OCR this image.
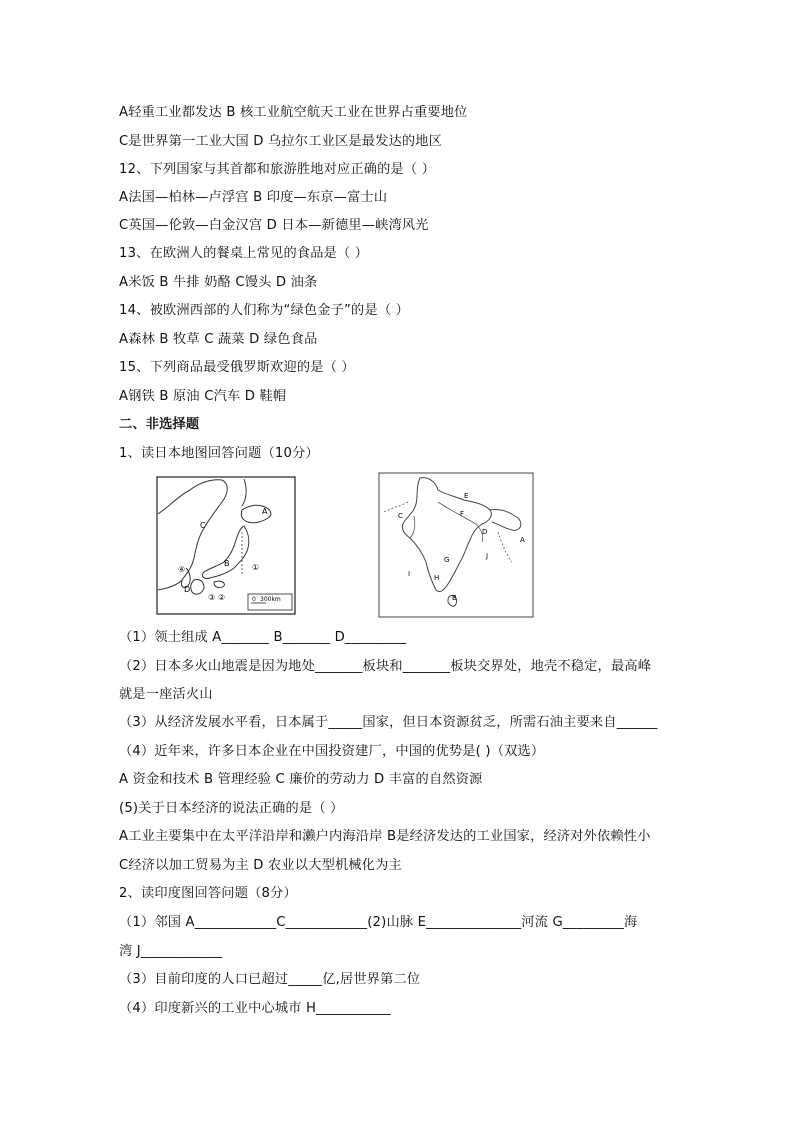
A轻重工业都发达 B 核工业航空航天工业在世界占重要地位
C是世界第一工业大国 D 乌拉尔工业区是最发达的地区
12、下列国家与其首都和旅游胜地对应正确的是（ ）
A法国—柏林—卢浮宫 B 印度—东京—富士山
C英国—伦敦—白金汉宫 D 日本—新德里—峡湾风光
13、在欧洲人的餐桌上常见的食品是（ ）
A米饭 B 牛排 奶酪 C馒头 D 油条
14、被欧洲西部的人们称为“绿色金子”的是（ ）
A森林 B 牧草 C 蔬菜 D 绿色食品
15、下列商品最受俄罗斯欢迎的是（ ）
A钢铁 B 原油 C汽车 D 鞋帽
二、非选择题
1、读日本地图回答问题（10分）
0 300km
A
B
C
D
①
②
③
④
A
B
C
D
E
F
G
H
I
J
（1）领土组成 A_______ B_______ D_________
（2）日本多火山地震是因为地处_______板块和_______板块交界处，地壳不稳定，最高峰
就是一座活火山
（3）从经济发展水平看，日本属于_____国家，但日本资源贫乏，所需石油主要来自______
（4）近年来，许多日本企业在中国投资建厂，中国的优势是( )（双选）
A 资金和技术 B 管理经验 C 廉价的劳动力 D 丰富的自然资源
(5)关于日本经济的说法正确的是（ ）
A工业主要集中在太平洋沿岸和濑户内海沿岸 B是经济发达的工业国家，经济对外依赖性小
C经济以加工贸易为主 D 农业以大型机械化为主
2、读印度图回答问题（8分）
（1）邻国 A____________C____________(2)山脉 E______________河流 G_________海
湾 J____________
（3）目前印度的人口已超过_____亿,居世界第二位
（4）印度新兴的工业中心城市 H___________
